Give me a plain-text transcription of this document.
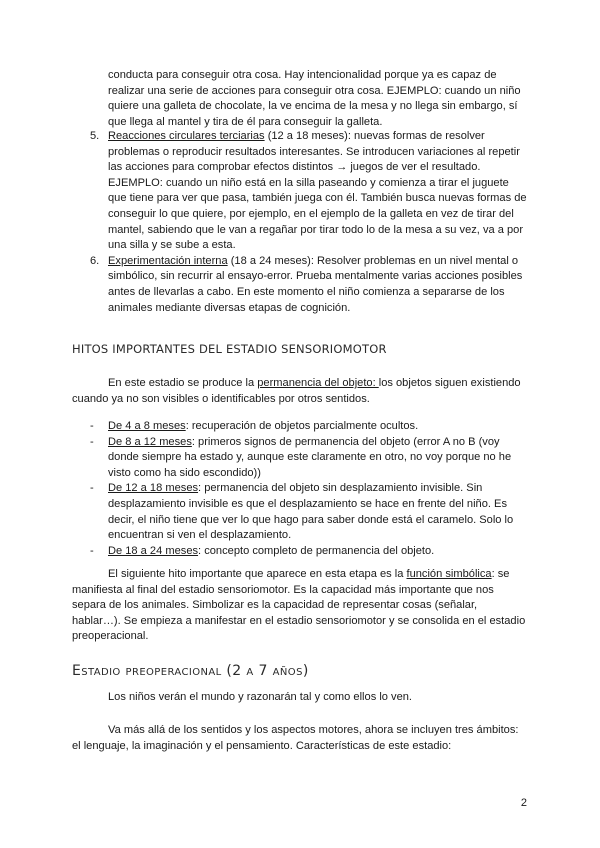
conducta para conseguir otra cosa. Hay intencionalidad porque ya es capaz de realizar una serie de acciones para conseguir otra cosa. EJEMPLO: cuando un niño quiere una galleta de chocolate, la ve encima de la mesa y no llega sin embargo, sí que llega al mantel y tira de él para conseguir la galleta.

5. Reacciones circulares terciarias (12 a 18 meses): nuevas formas de resolver problemas o reproducir resultados interesantes. Se introducen variaciones al repetir las acciones para comprobar efectos distintos → juegos de ver el resultado. EJEMPLO: cuando un niño está en la silla paseando y comienza a tirar el juguete que tiene para ver que pasa, también juega con él. También busca nuevas formas de conseguir lo que quiere, por ejemplo, en el ejemplo de la galleta en vez de tirar del mantel, sabiendo que le van a regañar por tirar todo lo de la mesa a su vez, va a por una silla y se sube a esta.
6. Experimentación interna (18 a 24 meses): Resolver problemas en un nivel mental o simbólico, sin recurrir al ensayo-error. Prueba mentalmente varias acciones posibles antes de llevarlas a cabo. En este momento el niño comienza a separarse de los animales mediante diversas etapas de cognición.
HITOS IMPORTANTES DEL ESTADIO SENSORIOMOTOR

En este estadio se produce la permanencia del objeto: los objetos siguen existiendo cuando ya no son visibles o identificables por otros sentidos.

- De 4 a 8 meses: recuperación de objetos parcialmente ocultos.
- De 8 a 12 meses: primeros signos de permanencia del objeto (error A no B (voy donde siempre ha estado y, aunque este claramente en otro, no voy porque no he visto como ha sido escondido))
- De 12 a 18 meses: permanencia del objeto sin desplazamiento invisible. Sin desplazamiento invisible es que el desplazamiento se hace en frente del niño. Es decir, el niño tiene que ver lo que hago para saber donde está el caramelo. Solo lo encuentran si ven el desplazamiento.
- De 18 a 24 meses: concepto completo de permanencia del objeto.

El siguiente hito importante que aparece en esta etapa es la función simbólica: se manifiesta al final del estadio sensoriomotor. Es la capacidad más importante que nos separa de los animales. Simbolizar es la capacidad de representar cosas (señalar, hablar…). Se empieza a manifestar en el estadio sensoriomotor y se consolida en el estadio preoperacional.

Estadio preoperacional (2 a 7 años)

Los niños verán el mundo y razonarán tal y como ellos lo ven.

Va más allá de los sentidos y los aspectos motores, ahora se incluyen tres ámbitos: el lenguaje, la imaginación y el pensamiento. Características de este estadio:

2
